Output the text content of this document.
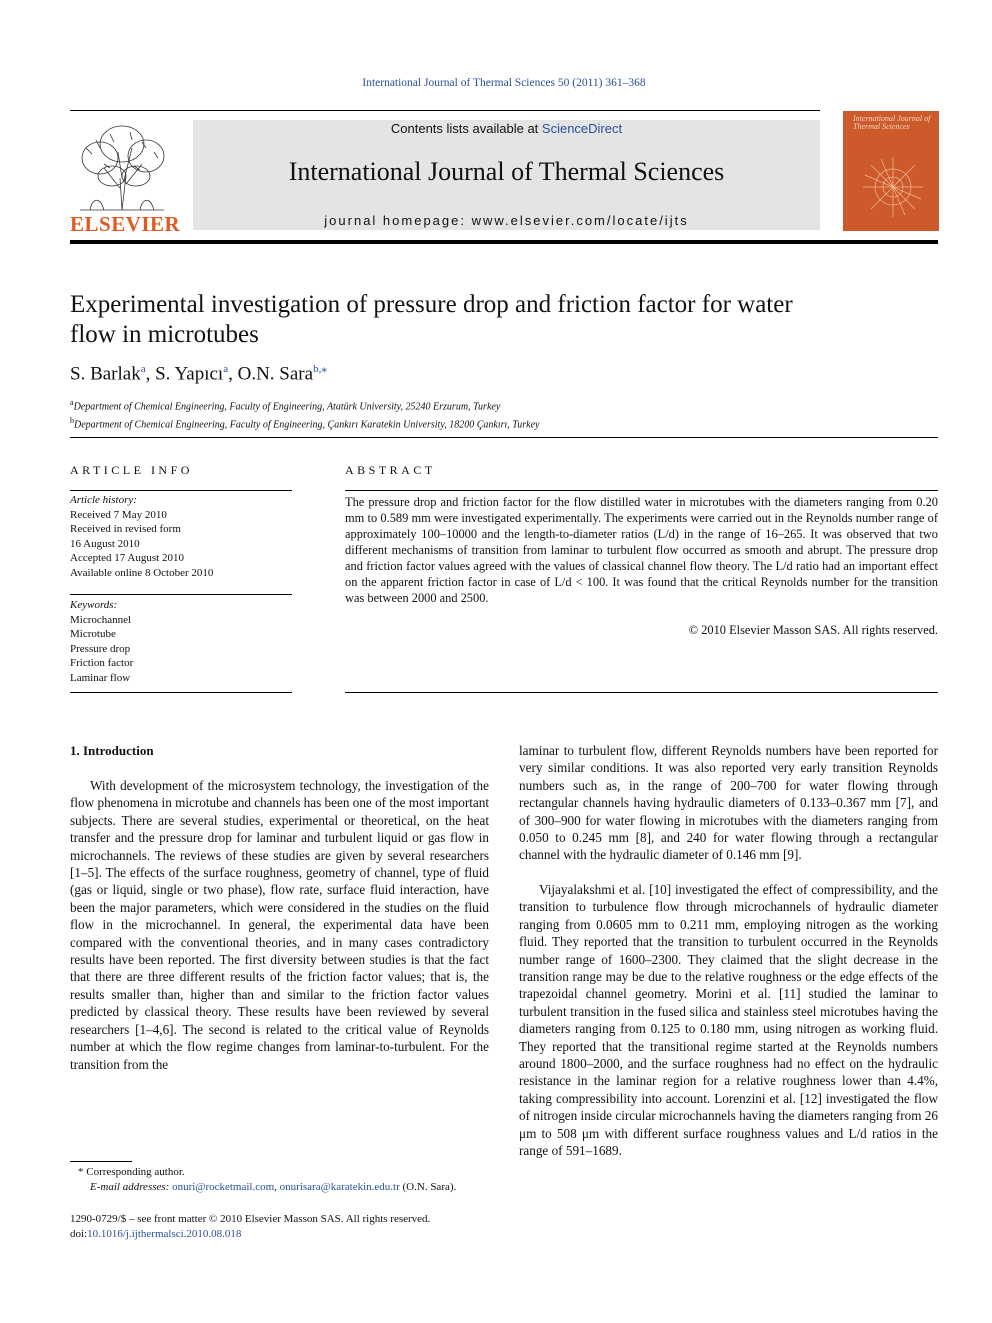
International Journal of Thermal Sciences 50 (2011) 361–368
ELSEVIER
Contents lists available at ScienceDirect
International Journal of Thermal Sciences
journal homepage: www.elsevier.com/locate/ijts
International Journal of Thermal Sciences
Experimental investigation of pressure drop and friction factor for water flow in microtubes
S. Barlak$^a$, S. Yapıcı$^a$, O.N. Sara$^{b,⁎}$
$^a$Department of Chemical Engineering, Faculty of Engineering, Atatürk University, 25240 Erzurum, Turkey
$^b$Department of Chemical Engineering, Faculty of Engineering, Çankırı Karatekin University, 18200 Çankırı, Turkey
ARTICLE INFO
Article history:
Received 7 May 2010
Received in revised form
16 August 2010
Accepted 17 August 2010
Available online 8 October 2010
Keywords:
Microchannel
Microtube
Pressure drop
Friction factor
Laminar flow
ABSTRACT
The pressure drop and friction factor for the flow distilled water in microtubes with the diameters ranging from 0.20 mm to 0.589 mm were investigated experimentally. The experiments were carried out in the Reynolds number range of approximately 100–10000 and the length-to-diameter ratios (L/d) in the range of 16–265. It was observed that two different mechanisms of transition from laminar to turbulent flow occurred as smooth and abrupt. The pressure drop and friction factor values agreed with the values of classical channel flow theory. The L/d ratio had an important effect on the apparent friction factor in case of L/d < 100. It was found that the critical Reynolds number for the transition was between 2000 and 2500.
© 2010 Elsevier Masson SAS. All rights reserved.
1. Introduction
With development of the microsystem technology, the investigation of the flow phenomena in microtube and channels has been one of the most important subjects. There are several studies, experimental or theoretical, on the heat transfer and the pressure drop for laminar and turbulent liquid or gas flow in microchannels. The reviews of these studies are given by several researchers [1–5]. The effects of the surface roughness, geometry of channel, type of fluid (gas or liquid, single or two phase), flow rate, surface fluid interaction, have been the major parameters, which were considered in the studies on the fluid flow in the microchannel. In general, the experimental data have been compared with the conventional theories, and in many cases contradictory results have been reported. The first diversity between studies is that the fact that there are three different results of the friction factor values; that is, the results smaller than, higher than and similar to the friction factor values predicted by classical theory. These results have been reviewed by several researchers [1–4,6]. The second is related to the critical value of Reynolds number at which the flow regime changes from laminar-to-turbulent. For the transition from the
laminar to turbulent flow, different Reynolds numbers have been reported for very similar conditions. It was also reported very early transition Reynolds numbers such as, in the range of 200–700 for water flowing through rectangular channels having hydraulic diameters of 0.133–0.367 mm [7], and of 300–900 for water flowing in microtubes with the diameters ranging from 0.050 to 0.245 mm [8], and 240 for water flowing through a rectangular channel with the hydraulic diameter of 0.146 mm [9].
Vijayalakshmi et al. [10] investigated the effect of compressibility, and the transition to turbulence flow through microchannels of hydraulic diameter ranging from 0.0605 mm to 0.211 mm, employing nitrogen as the working fluid. They reported that the transition to turbulent occurred in the Reynolds number range of 1600–2300. They claimed that the slight decrease in the transition range may be due to the relative roughness or the edge effects of the trapezoidal channel geometry. Morini et al. [11] studied the laminar to turbulent transition in the fused silica and stainless steel microtubes having the diameters ranging from 0.125 to 0.180 mm, using nitrogen as working fluid. They reported that the transitional regime started at the Reynolds numbers around 1800–2000, and the surface roughness had no effect on the hydraulic resistance in the laminar region for a relative roughness lower than 4.4%, taking compressibility into account. Lorenzini et al. [12] investigated the flow of nitrogen inside circular microchannels having the diameters ranging from 26 μm to 508 μm with different surface roughness values and L/d ratios in the range of 591–1689.
* Corresponding author.
E-mail addresses: onuri@rocketmail.com, onurisara@karatekin.edu.tr (O.N. Sara).
1290-0729/$ – see front matter © 2010 Elsevier Masson SAS. All rights reserved.
doi:10.1016/j.ijthermalsci.2010.08.018
